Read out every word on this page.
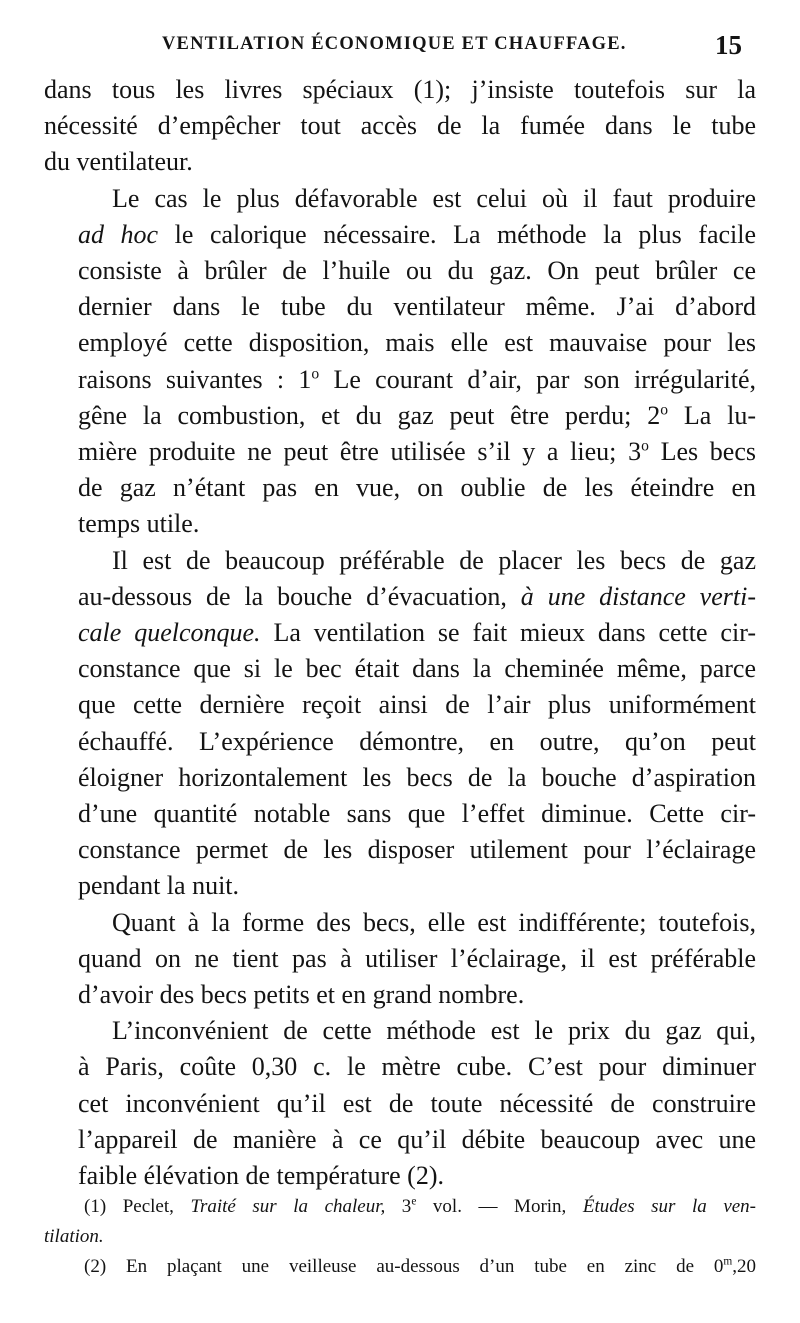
VENTILATION ÉCONOMIQUE ET CHAUFFAGE.	15

dans tous les livres spéciaux (1); j’insiste toutefois sur la
nécessité d’empêcher tout accès de la fumée dans le tube
du ventilateur.

Le cas le plus défavorable est celui où il faut produire
ad hoc le calorique nécessaire. La méthode la plus facile
consiste à brûler de l’huile ou du gaz. On peut brûler ce
dernier dans le tube du ventilateur même. J’ai d’abord
employé cette disposition, mais elle est mauvaise pour les
raisons suivantes : 1$^o$ Le courant d’air, par son irrégularité,
gêne la combustion, et du gaz peut être perdu; 2$^o$ La lu-
mière produite ne peut être utilisée s’il y a lieu; 3$^o$ Les becs
de gaz n’étant pas en vue, on oublie de les éteindre en
temps utile.

Il est de beaucoup préférable de placer les becs de gaz
au-dessous de la bouche d’évacuation, à une distance verti-
cale quelconque. La ventilation se fait mieux dans cette cir-
constance que si le bec était dans la cheminée même, parce
que cette dernière reçoit ainsi de l’air plus uniformément
échauffé. L’expérience démontre, en outre, qu’on peut
éloigner horizontalement les becs de la bouche d’aspiration
d’une quantité notable sans que l’effet diminue. Cette cir-
constance permet de les disposer utilement pour l’éclairage
pendant la nuit.

Quant à la forme des becs, elle est indifférente; toutefois,
quand on ne tient pas à utiliser l’éclairage, il est préférable
d’avoir des becs petits et en grand nombre.

L’inconvénient de cette méthode est le prix du gaz qui,
à Paris, coûte 0,30 c. le mètre cube. C’est pour diminuer
cet inconvénient qu’il est de toute nécessité de construire
l’appareil de manière à ce qu’il débite beaucoup avec une
faible élévation de température (2).

(1) Peclet, Traité sur la chaleur, 3e vol. — Morin, Études sur la ven-
tilation.
(2) En plaçant une veilleuse au-dessous d’un tube en zinc de 0$^m$,20
